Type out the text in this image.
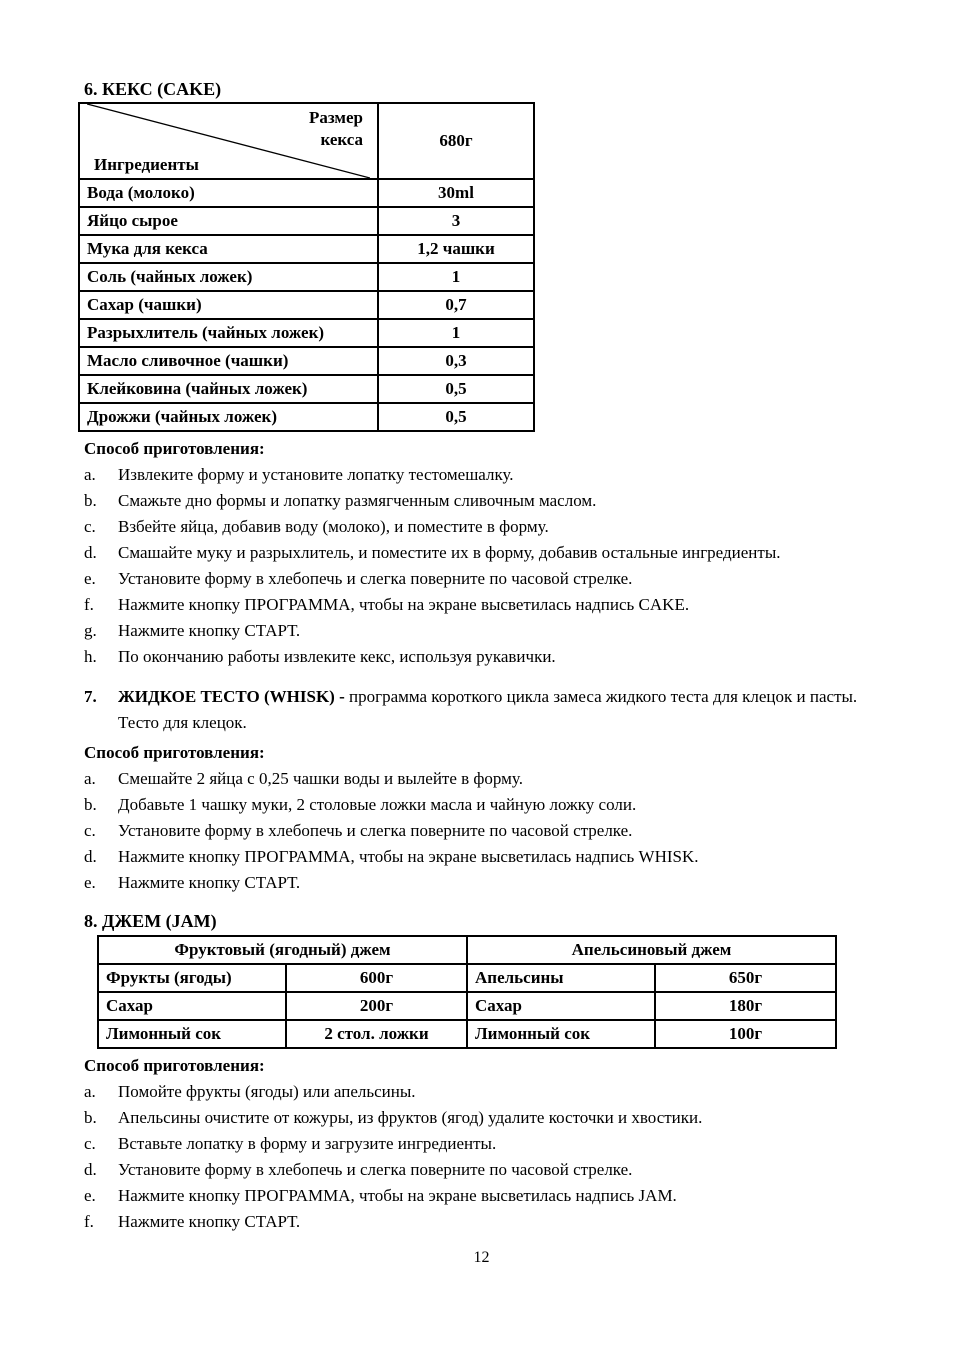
6. КЕКС (CAKE)
Размер
кекса
Ингредиенты	680г
Вода (молоко)	30ml
Яйцо сырое	3
Мука для кекса	1,2 чашки
Соль (чайных ложек)	1
Сахар (чашки)	0,7
Разрыхлитель (чайных ложек)	1
Масло сливочное (чашки)	0,3
Клейковина (чайных ложек)	0,5
Дрожжи (чайных ложек)	0,5
Способ приготовления:
a.	Извлеките форму и установите лопатку тестомешалку.
b.	Смажьте дно формы и лопатку размягченным сливочным маслом.
c.	Взбейте яйца, добавив воду (молоко), и поместите в форму.
d.	Смашайте муку и разрыхлитель, и поместите их в форму, добавив остальные ингредиенты.
e.	Установите форму в хлебопечь и слегка поверните по часовой стрелке.
f.	Нажмите кнопку ПРОГРАММА, чтобы на экране высветилась надпись CAKE.
g.	Нажмите кнопку СТАРТ.
h.	По окончанию работы извлеките кекс, используя рукавички.
7.	ЖИДКОЕ ТЕСТО (WHISK) - программа короткого цикла замеса жидкого теста для клецок и пасты.
Тесто для клецок.
Способ приготовления:
a.	Смешайте 2 яйца с 0,25 чашки воды и вылейте в форму.
b.	Добавьте 1 чашку муки, 2 столовые ложки масла и чайную ложку соли.
c.	Установите форму в хлебопечь и слегка поверните по часовой стрелке.
d.	Нажмите кнопку ПРОГРАММА, чтобы на экране высветилась надпись WHISK.
e.	Нажмите кнопку СТАРТ.
8. ДЖЕМ (JAM)
Фруктовый (ягодный) джем		Апельсиновый джем	
Фрукты (ягоды)	600г	Апельсины	650г
Сахар	200г	Сахар	180г
Лимонный сок	2 стол. ложки	Лимонный сок	100г
Способ приготовления:
a.	Помойте фрукты (ягоды) или апельсины.
b.	Апельсины очистите от кожуры, из фруктов (ягод) удалите косточки и хвостики.
c.	Вставьте лопатку в форму и загрузите ингредиенты.
d.	Установите форму в хлебопечь и слегка поверните по часовой стрелке.
e.	Нажмите кнопку ПРОГРАММА, чтобы на экране высветилась надпись JAM.
f.	Нажмите кнопку СТАРТ.
12
